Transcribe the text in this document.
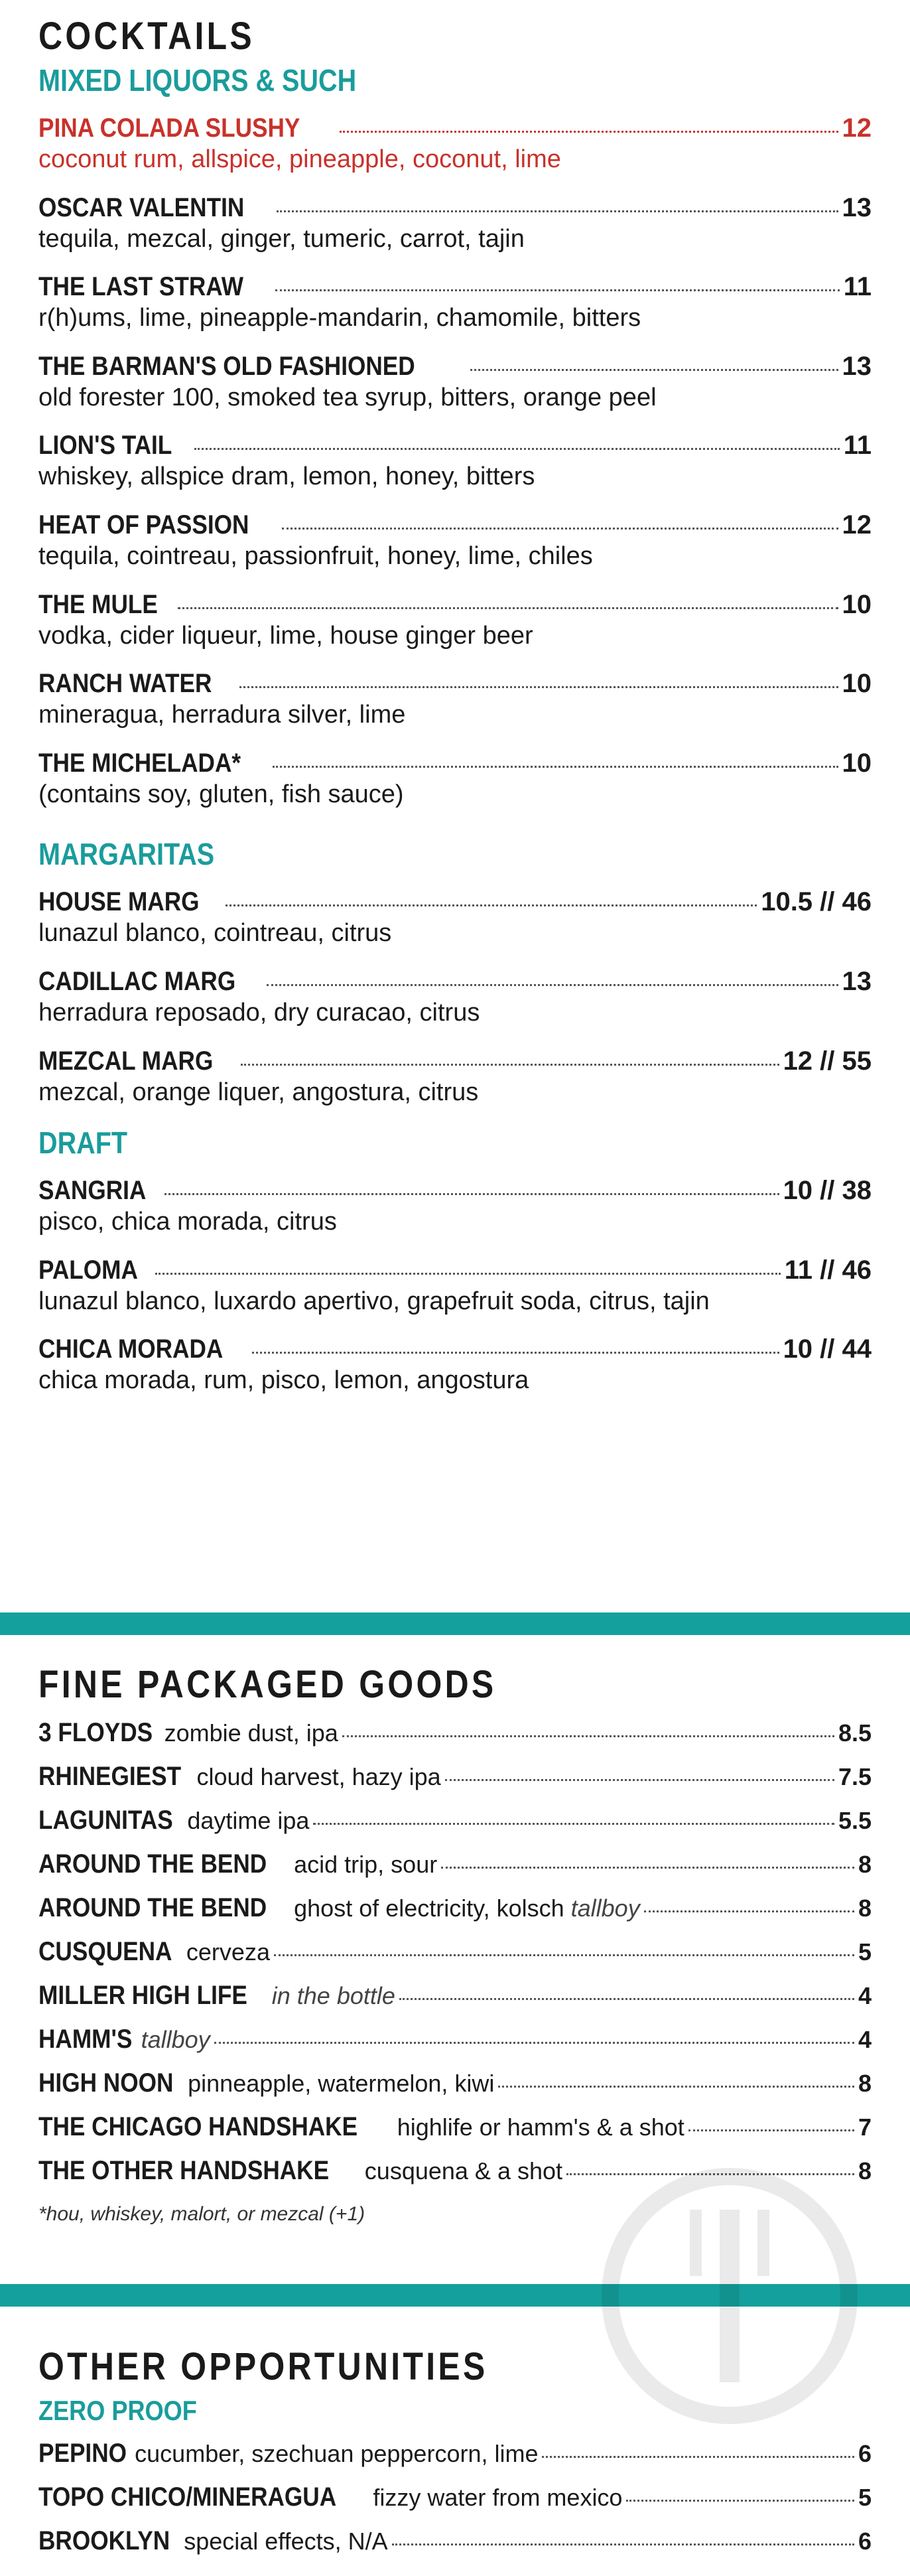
COCKTAILS
MIXED LIQUORS & SUCH
PINA COLADA SLUSHY	12
coconut rum, allspice, pineapple, coconut, lime
OSCAR VALENTIN	13
tequila, mezcal, ginger, tumeric, carrot, tajin
THE LAST STRAW	11
r(h)ums, lime, pineapple-mandarin, chamomile, bitters
THE BARMAN'S OLD FASHIONED	13
old forester 100, smoked tea syrup, bitters, orange peel
LION'S TAIL	11
whiskey, allspice dram, lemon, honey, bitters
HEAT OF PASSION	12
tequila, cointreau, passionfruit, honey, lime, chiles
THE MULE	10
vodka, cider liqueur, lime, house ginger beer
RANCH WATER	10
mineragua, herradura silver, lime
THE MICHELADA*	10
(contains soy, gluten, fish sauce)
MARGARITAS
HOUSE MARG	10.5 // 46
lunazul blanco, cointreau, citrus
CADILLAC MARG	13
herradura reposado, dry curacao, citrus
MEZCAL MARG	12 // 55
mezcal, orange liquer, angostura, citrus
DRAFT
SANGRIA	10 // 38
pisco, chica morada, citrus
PALOMA	11 // 46
lunazul blanco, luxardo apertivo, grapefruit soda, citrus, tajin
CHICA MORADA	10 // 44
chica morada, rum, pisco, lemon, angostura
FINE PACKAGED GOODS
3 FLOYDS zombie dust, ipa	8.5
RHINEGIEST cloud harvest, hazy ipa	7.5
LAGUNITAS daytime ipa	5.5
AROUND THE BEND acid trip, sour	8
AROUND THE BEND ghost of electricity, kolsch tallboy	8
CUSQUENA cerveza	5
MILLER HIGH LIFE in the bottle	4
HAMM'S tallboy	4
HIGH NOON pinneapple, watermelon, kiwi	8
THE CHICAGO HANDSHAKE highlife or hamm's & a shot	7
THE OTHER HANDSHAKE cusquena & a shot	8
*hou, whiskey, malort, or mezcal (+1)
OTHER OPPORTUNITIES
ZERO PROOF
PEPINO cucumber, szechuan peppercorn, lime	6
TOPO CHICO/MINERAGUA fizzy water from mexico	5
BROOKLYN special effects, N/A	6
